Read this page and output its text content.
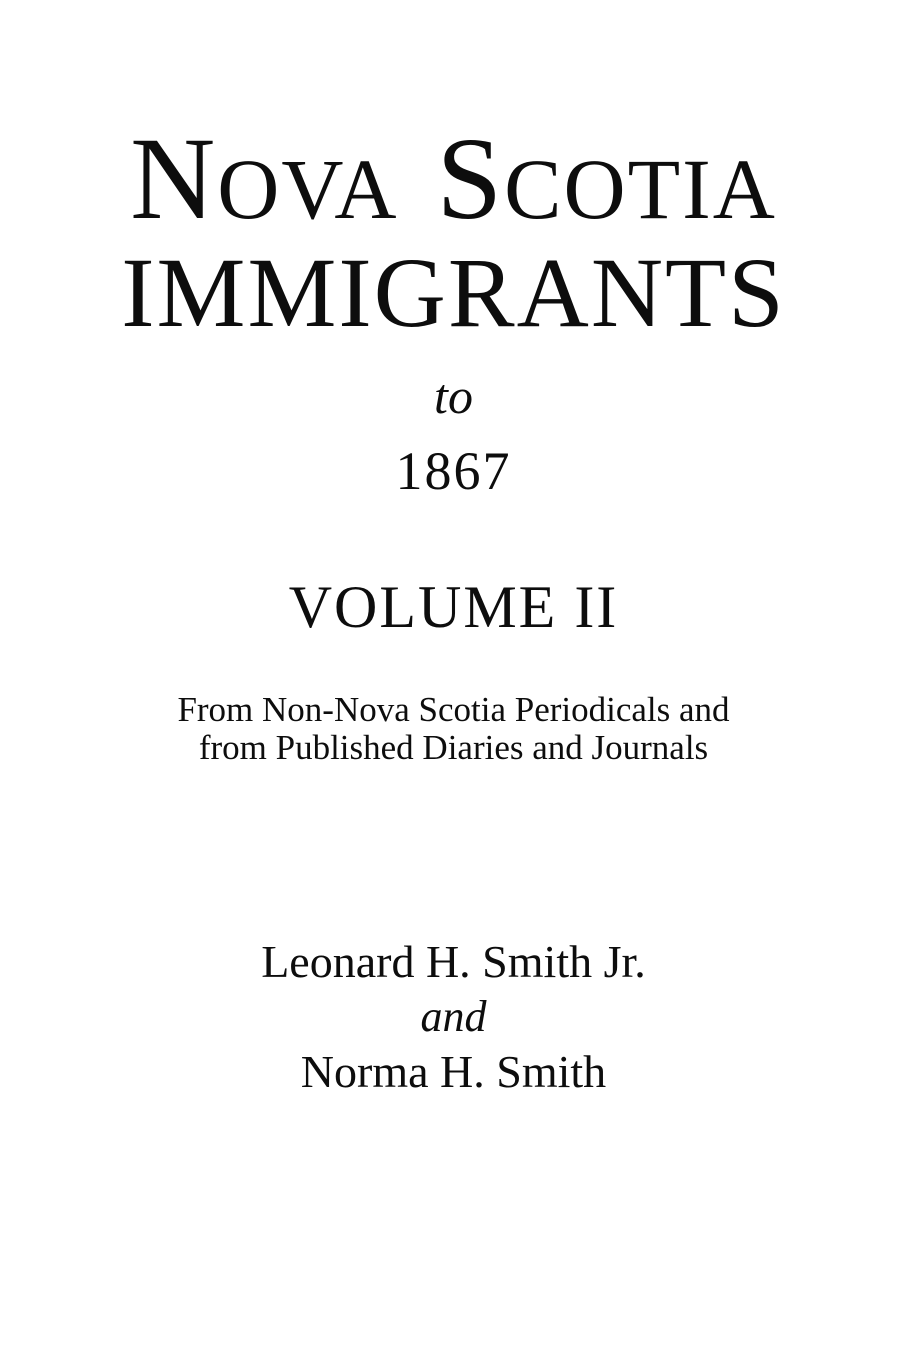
NOVA SCOTIA
IMMIGRANTS
to
1867
VOLUME II
From Non-Nova Scotia Periodicals and
from Published Diaries and Journals
Leonard H. Smith Jr.
and
Norma H. Smith
